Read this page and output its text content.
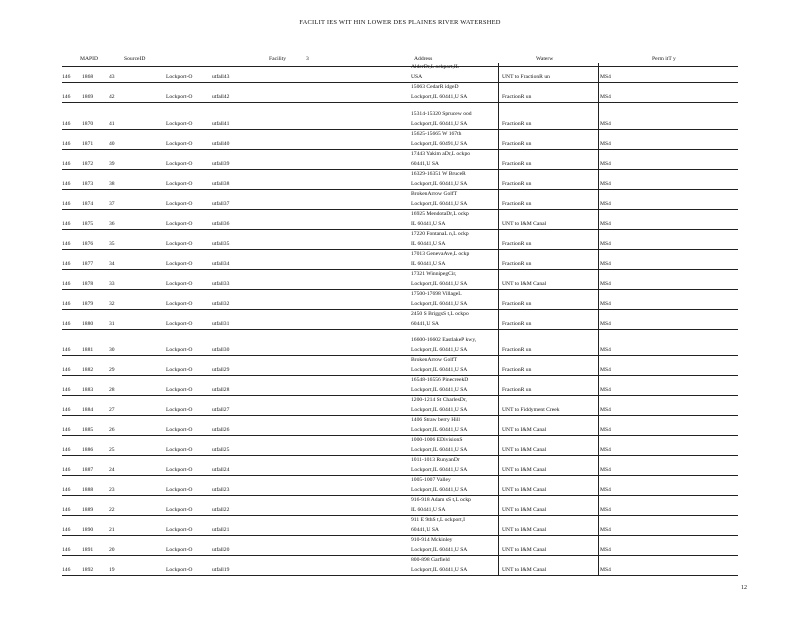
FACILIT IES WIT HIN LOWER DES PLAINES RIVER WATERSHED
MAPID	SourceID	Facility	3	Address	Waterw	Perm itT y
146 1868	43	Lockport-O	utfall43
AlderDr,L ockport,IL
USA	UNT to FractionR un	MS4
146 1869	42	Lockport-O	utfall42
15063 CedarR idgeD
Lockport,IL 60441,U SA	FractionR un	MS4
146 1870	41	Lockport-O	utfall41
15314-15320 Sprucew ood
Lockport,IL 60441,U SA	FractionR un	MS4
146 1871	40	Lockport-O	utfall40
15625-15665 W 167th
Lockport,IL 60491,U SA	FractionR un	MS4
146 1872	39	Lockport-O	utfall39
17443 Yakim aDr,L ockpo
60441,U SA	FractionR un	MS4
146 1873	38	Lockport-O	utfall38
16329-16351 W BruceR
Lockport,IL 60441,U SA	FractionR un	MS4
146 1874	37	Lockport-O	utfall37
BrokenArrow GolfT
Lockport,IL 60441,U SA	FractionR un	MS4
146 1875	36	Lockport-O	utfall36
16925 MendotaDr,L ockp
IL 60441,U SA	UNT to I&M Canal	MS4
146 1876	35	Lockport-O	utfall35
17220 FontanaL n,L ockp
IL 60441,U SA	FractionR un	MS4
146 1877	34	Lockport-O	utfall34
17013 GenevaAve,L ockp
IL 60441,U SA	FractionR un	MS4
146 1878	33	Lockport-O	utfall33
17321 WinnipegCir,
Lockport,IL 60441,U SA	UNT to I&M Canal	MS4
146 1879	32	Lockport-O	utfall32
17500-17698 VillageL
Lockport,IL 60441,U SA	FractionR un	MS4
146 1880	31	Lockport-O	utfall31
2450 S BriggsS t,L ockpo
60441,U SA	FractionR un	MS4
146 1881	30	Lockport-O	utfall30
16600-16602 EastlakeP kwy,
Lockport,IL 60441,U SA	FractionR un	MS4
146 1882	29	Lockport-O	utfall29
BrokenArrow GolfT
Lockport,IL 60441,U SA	FractionR un	MS4
146 1883	28	Lockport-O	utfall28
16548-16556 PinecreekD
Lockport,IL 60441,U SA	FractionR un	MS4
146 1884	27	Lockport-O	utfall27
1200-1214 St CharlesDr,
Lockport,IL 60441,U SA	UNT to Fiddyment Creek	MS4
146 1885	26	Lockport-O	utfall26
1406 Straw berry Hill
Lockport,IL 60441,U SA	UNT to I&M Canal	MS4
146 1886	25	Lockport-O	utfall25
1000-1006 EDivisionS
Lockport,IL 60441,U SA	UNT to I&M Canal	MS4
146 1887	24	Lockport-O	utfall24
1011-1013 RunyanDr
Lockport,IL 60441,U SA	UNT to I&M Canal	MS4
146 1888	23	Lockport-O	utfall23
1005-1007 Valley
Lockport,IL 60441,U SA	UNT to I&M Canal	MS4
146 1889	22	Lockport-O	utfall22
916-918 Adam sS t,L ockp
IL 60441,U SA	UNT to I&M Canal	MS4
146 1890	21	Lockport-O	utfall21
911 E 9thS t,L ockport,I
60441,U SA	UNT to I&M Canal	MS4
146 1891	20	Lockport-O	utfall20
910-914 Mckinley
Lockport,IL 60441,U SA	UNT to I&M Canal	MS4
146 1892	19	Lockport-O	utfall19
800-898 Garfield
Lockport,IL 60441,U SA	UNT to I&M Canal	MS4
12
